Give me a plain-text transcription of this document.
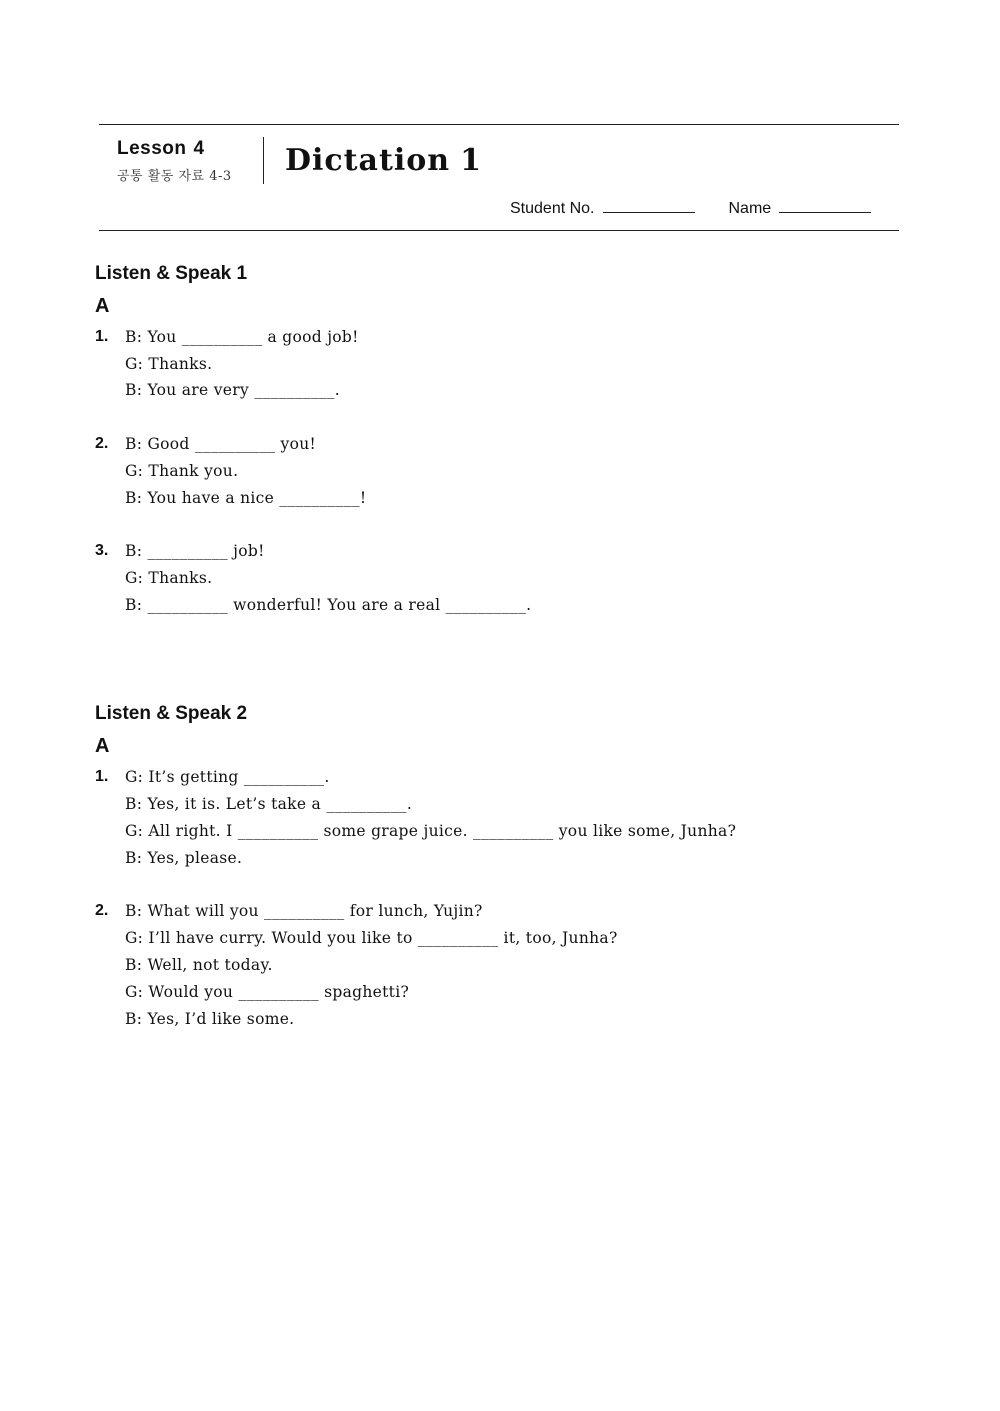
Lesson 4
공통 활동 자료 4-3 Dictation 1
Student No.	Name
Listen & Speak 1
A
1. B: You __________ a good job!
G: Thanks.
B: You are very __________.
2. B: Good __________ you!
G: Thank you.
B: You have a nice __________!
3. B: __________ job!
G: Thanks.
B: __________ wonderful! You are a real __________.
Listen & Speak 2
A
1. G: It’s getting __________.
B: Yes, it is. Let’s take a __________.
G: All right. I __________ some grape juice. __________ you like some, Junha?
B: Yes, please.
2. B: What will you __________ for lunch, Yujin?
G: I’ll have curry. Would you like to __________ it, too, Junha?
B: Well, not today.
G: Would you __________ spaghetti?
B: Yes, I’d like some.
